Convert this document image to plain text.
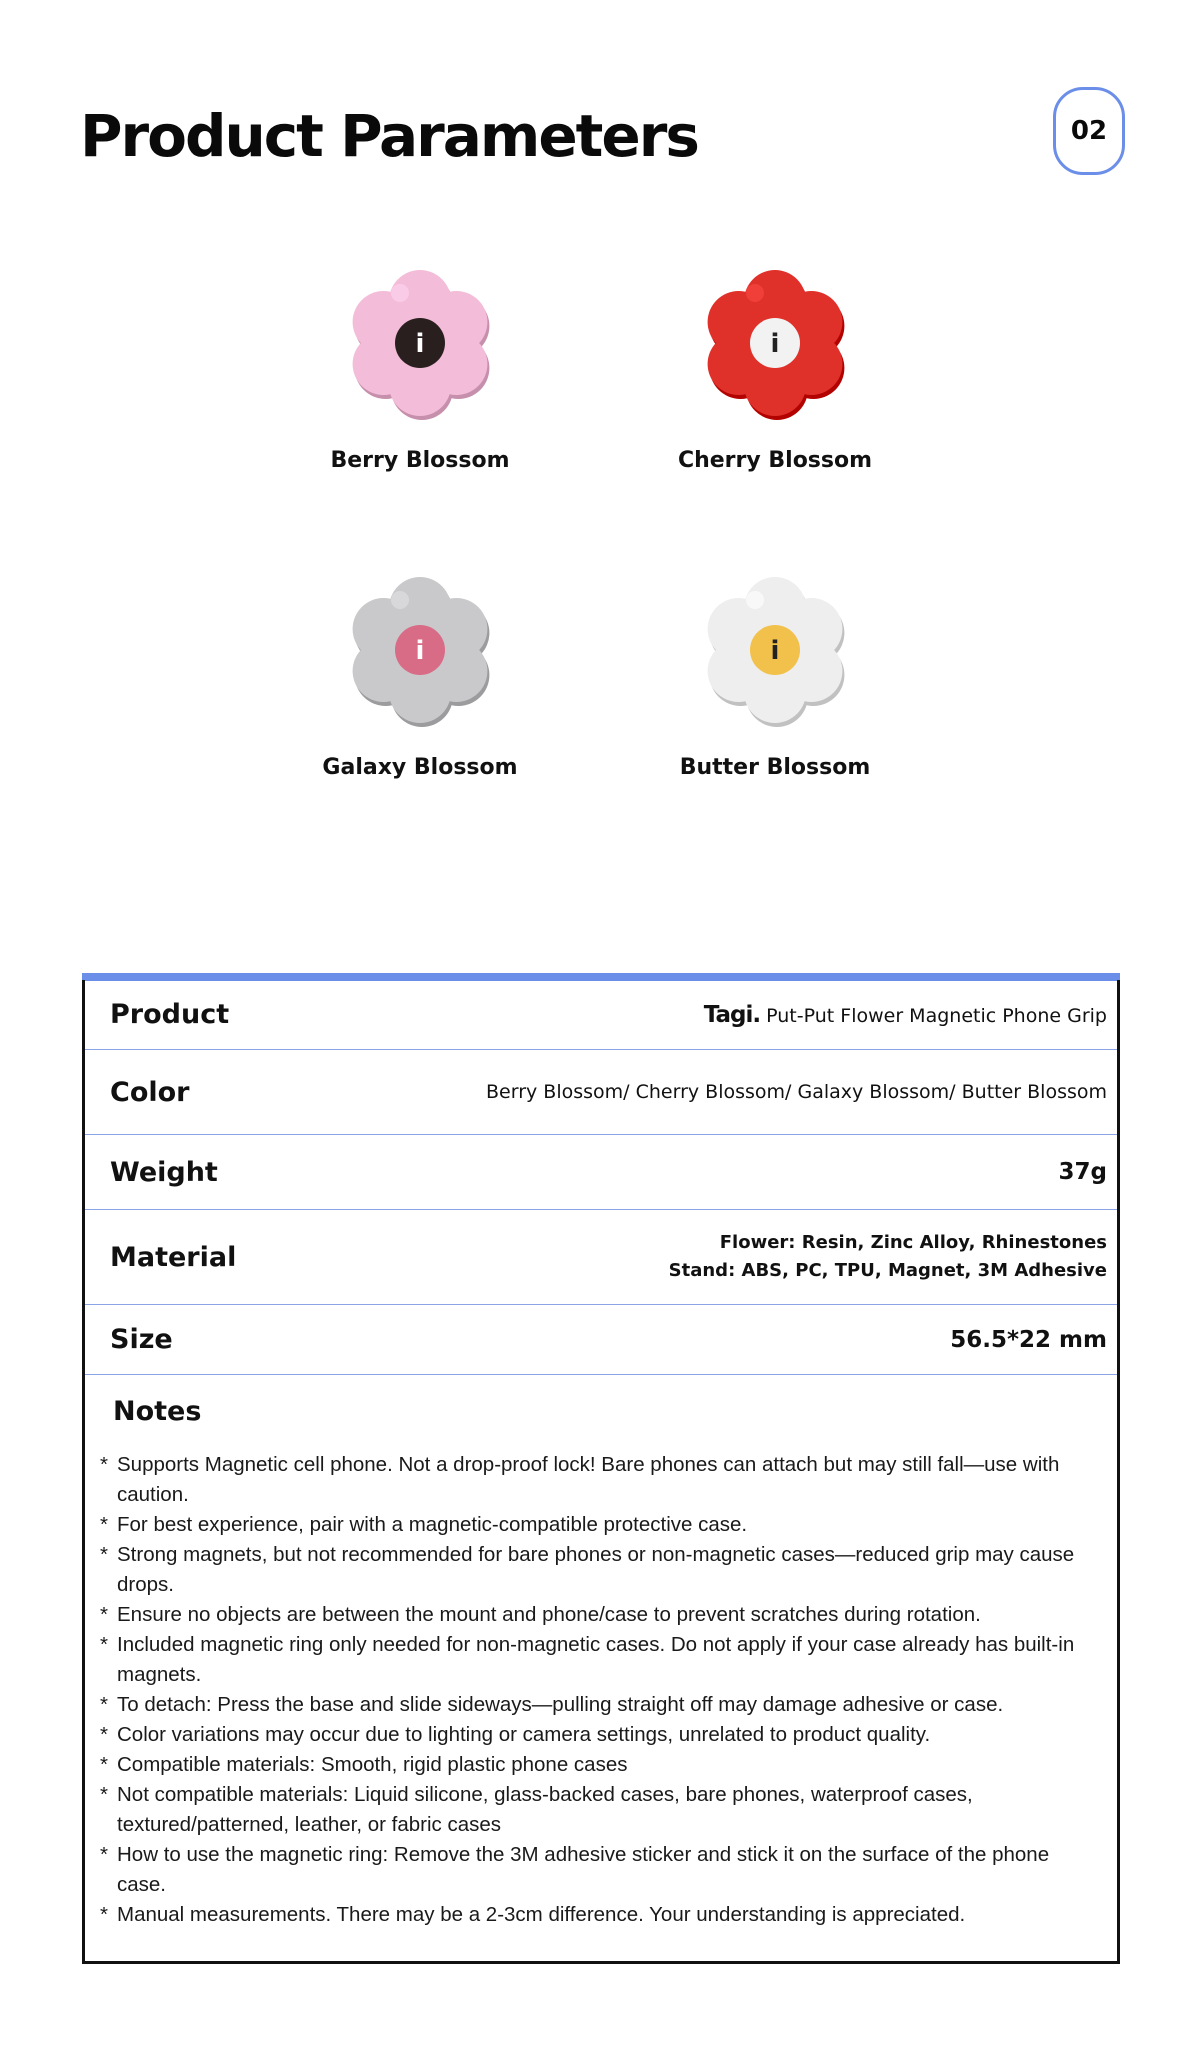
Product Parameters	02
i
Berry Blossom
i
Cherry Blossom
i
Galaxy Blossom
i
Butter Blossom
Product	Tagi. Put-Put Flower Magnetic Phone Grip
Color	Berry Blossom/ Cherry Blossom/ Galaxy Blossom/ Butter Blossom
Weight	37g
Material	Flower: Resin, Zinc Alloy, Rhinestones
Stand: ABS, PC, TPU, Magnet, 3M Adhesive
Size	56.5*22 mm
Notes
* Supports Magnetic cell phone. Not a drop-proof lock! Bare phones can attach but may still fall—use with caution.
* For best experience, pair with a magnetic-compatible protective case.
* Strong magnets, but not recommended for bare phones or non-magnetic cases—reduced grip may cause drops.
* Ensure no objects are between the mount and phone/case to prevent scratches during rotation.
* Included magnetic ring only needed for non-magnetic cases. Do not apply if your case already has built-in magnets.
* To detach: Press the base and slide sideways—pulling straight off may damage adhesive or case.
* Color variations may occur due to lighting or camera settings, unrelated to product quality.
* Compatible materials: Smooth, rigid plastic phone cases
* Not compatible materials: Liquid silicone, glass-backed cases, bare phones, waterproof cases, textured/patterned, leather, or fabric cases
* How to use the magnetic ring: Remove the 3M adhesive sticker and stick it on the surface of the phone case.
* Manual measurements. There may be a 2-3cm difference. Your understanding is appreciated.
